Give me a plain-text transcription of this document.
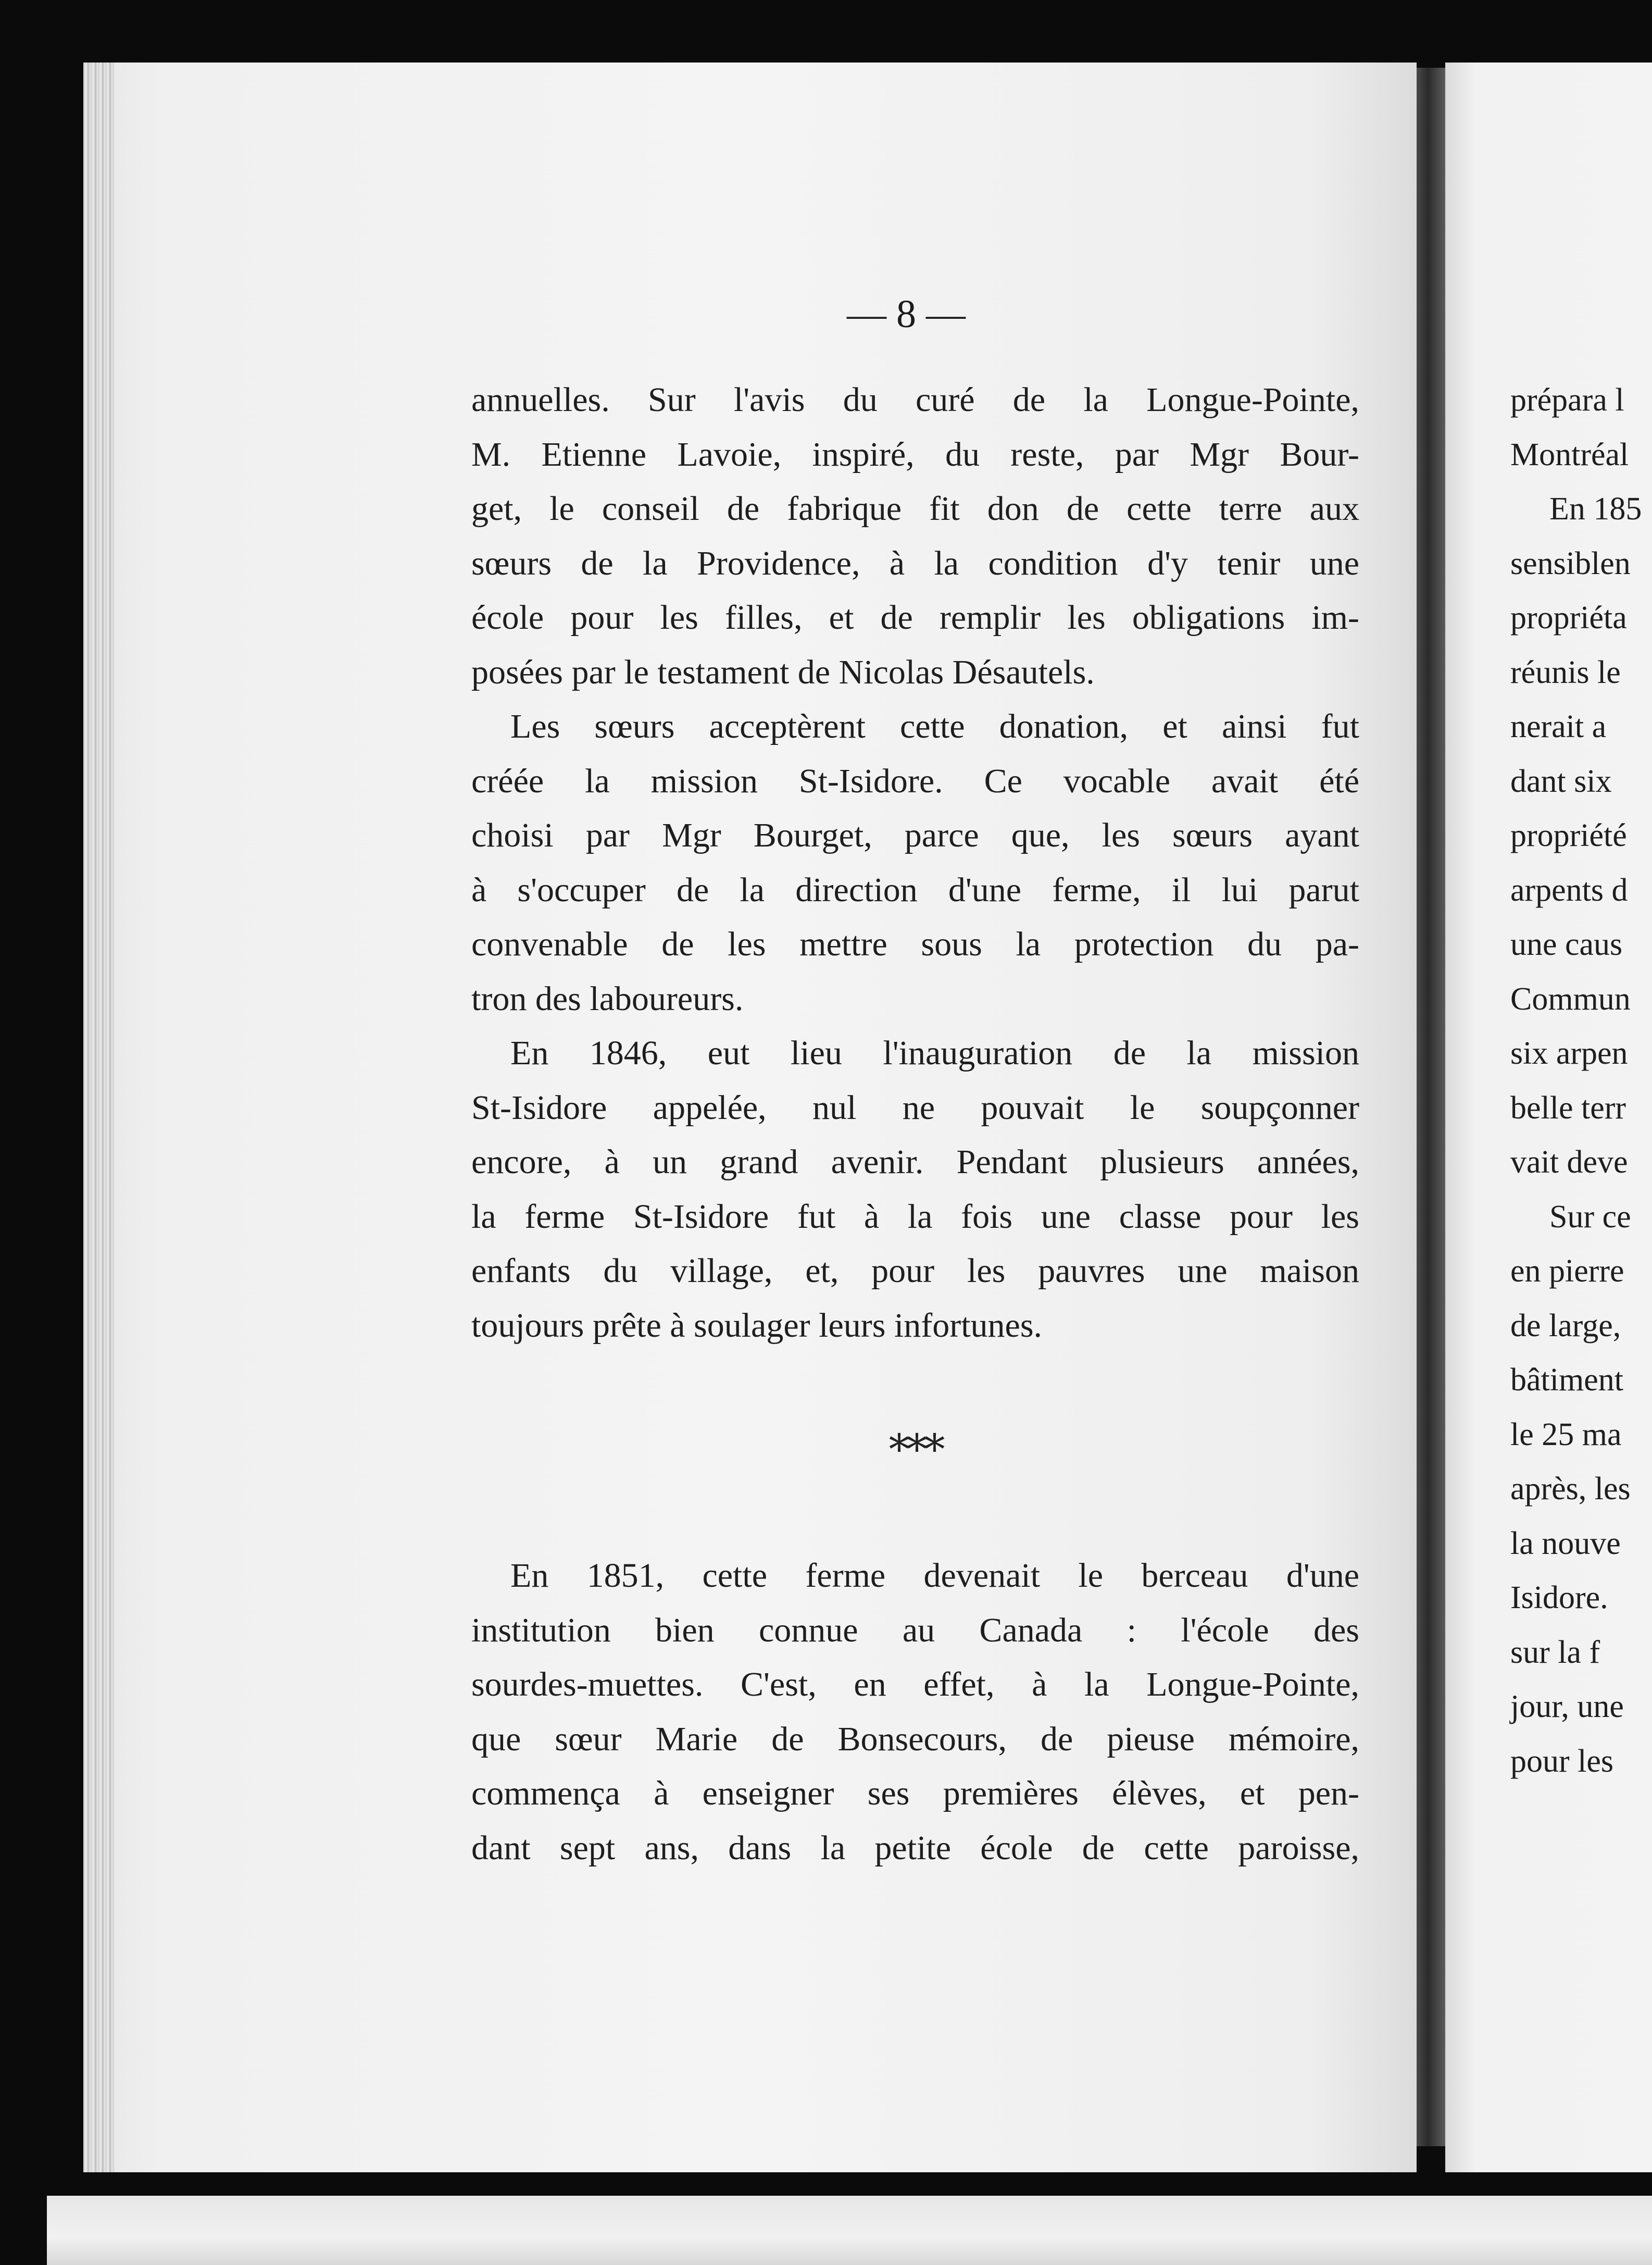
— 8 —

annuelles. Sur l'avis du curé de la Longue-Pointe,
M. Etienne Lavoie, inspiré, du reste, par Mgr Bour-
get, le conseil de fabrique fit don de cette terre aux
sœurs de la Providence, à la condition d'y tenir une
école pour les filles, et de remplir les obligations im-
posées par le testament de Nicolas Désautels.
Les sœurs acceptèrent cette donation, et ainsi fut
créée la mission St-Isidore. Ce vocable avait été
choisi par Mgr Bourget, parce que, les sœurs ayant
à s'occuper de la direction d'une ferme, il lui parut
convenable de les mettre sous la protection du pa-
tron des laboureurs.
En 1846, eut lieu l'inauguration de la mission
St-Isidore appelée, nul ne pouvait le soupçonner
encore, à un grand avenir. Pendant plusieurs années,
la ferme St-Isidore fut à la fois une classe pour les
enfants du village, et, pour les pauvres une maison
toujours prête à soulager leurs infortunes.
⁎⁎⁎
En 1851, cette ferme devenait le berceau d'une
institution bien connue au Canada : l'école des
sourdes-muettes. C'est, en effet, à la Longue-Pointe,
que sœur Marie de Bonsecours, de pieuse mémoire,
commença à enseigner ses premières élèves, et pen-
dant sept ans, dans la petite école de cette paroisse,
prépara l
Montréal
En 185
sensiblen
propriéta
réunis le
nerait a
dant six
propriété
arpents d
une caus
Commun
six arpen
belle terr
vait deve
Sur ce
en pierre
de large,
bâtiment
le 25 ma
après, les
la nouve
Isidore.
sur la f
jour, une
pour les
